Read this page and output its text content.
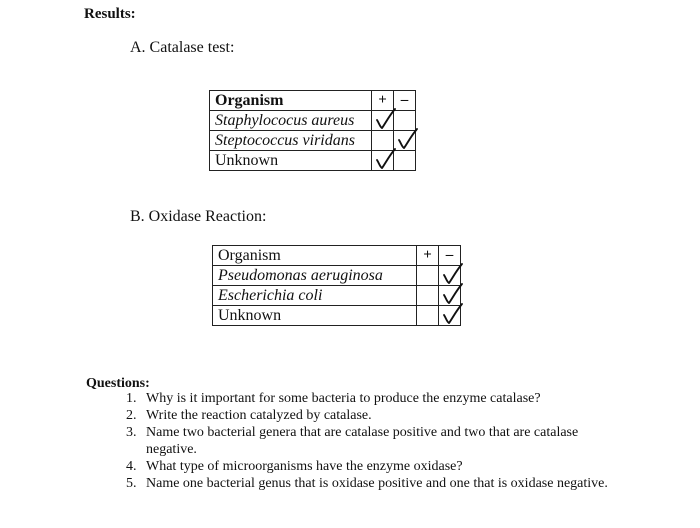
Results:
A. Catalase test:
Organism	+	–
Staphylococus aureus	

Steptococcus viridans		

Unknown	

B. Oxidase Reaction:
Organism	+	–
Pseudomonas aeruginosa		

Escherichia coli		

Unknown		
Questions:
1. Why is it important for some bacteria to produce the enzyme catalase?
2. Write the reaction catalyzed by catalase.
3. Name two bacterial genera that are catalase positive and two that are catalase negative.
4. What type of microorganisms have the enzyme oxidase?
5. Name one bacterial genus that is oxidase positive and one that is oxidase negative.
